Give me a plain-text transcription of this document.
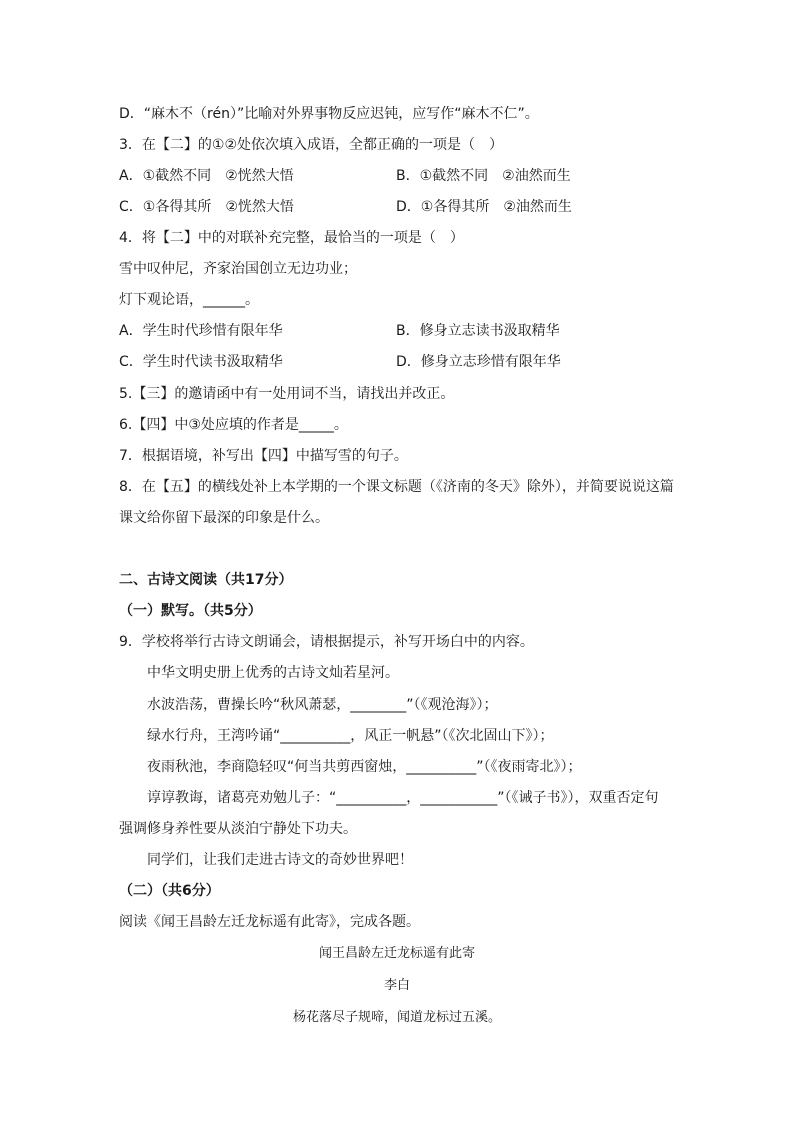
D．“麻木不（rén）”比喻对外界事物反应迟钝，应写作“麻木不仁”。
3．在【二】的①②处依次填入成语，全都正确的一项是（　）
A．①截然不同　②恍然大悟	B．①截然不同　②油然而生
C．①各得其所　②恍然大悟	D．①各得其所　②油然而生
4．将【二】中的对联补充完整，最恰当的一项是（　）
雪中叹仲尼，齐家治国创立无边功业；
灯下观论语，______。
A．学生时代珍惜有限年华	B．修身立志读书汲取精华
C．学生时代读书汲取精华	D．修身立志珍惜有限年华
5.【三】的邀请函中有一处用词不当，请找出并改正。
6.【四】中③处应填的作者是_____。
7．根据语境，补写出【四】中描写雪的句子。
8．在【五】的横线处补上本学期的一个课文标题（《济南的冬天》除外），并简要说说这篇
课文给你留下最深的印象是什么。
二、古诗文阅读（共17分）
（一）默写。（共5分）
9．学校将举行古诗文朗诵会，请根据提示，补写开场白中的内容。
中华文明史册上优秀的古诗文灿若星河。
水波浩荡，曹操长吟“秋风萧瑟，________”（《观沧海》）；
绿水行舟，王湾吟诵“__________，风正一帆悬”（《次北固山下》）；
夜雨秋池，李商隐轻叹“何当共剪西窗烛，__________”（《夜雨寄北》）；
谆谆教诲，诸葛亮劝勉儿子：“__________，___________”（《诫子书》），双重否定句
强调修身养性要从淡泊宁静处下功夫。
同学们，让我们走进古诗文的奇妙世界吧！
（二）（共6分）
阅读《闻王昌龄左迁龙标遥有此寄》，完成各题。
闻王昌龄左迁龙标遥有此寄
李白
杨花落尽子规啼，闻道龙标过五溪。
